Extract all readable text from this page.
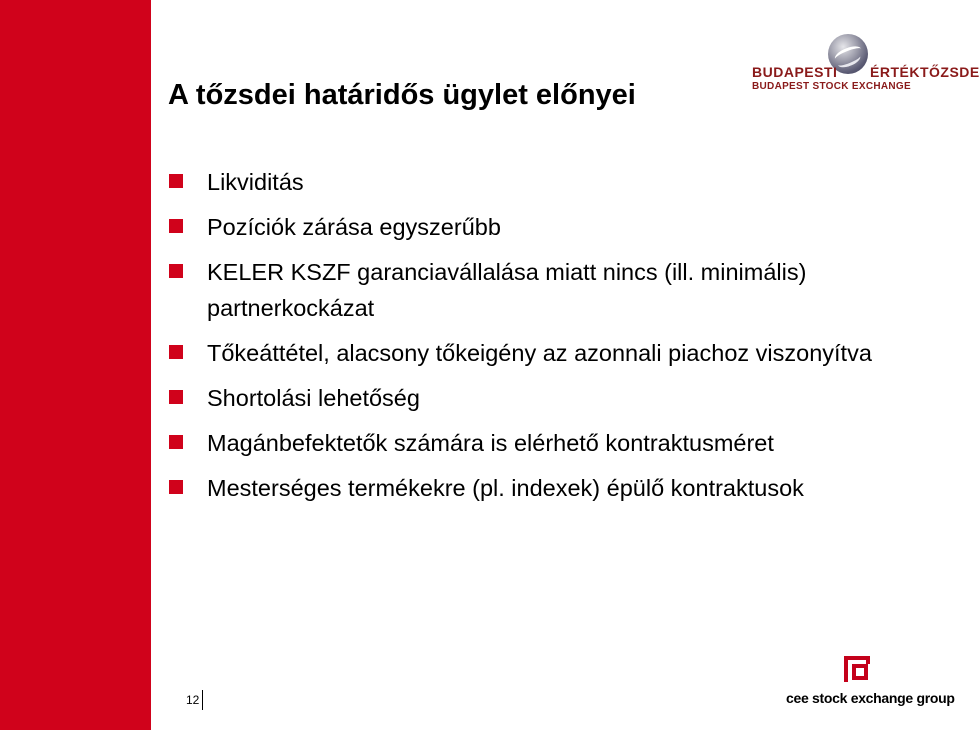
A tőzsdei határidős ügylet előnyei
BUDAPESTI ÉRTÉKTŐZSDE
BUDAPEST STOCK EXCHANGE
Likviditás
Pozíciók zárása egyszerűbb
KELER KSZF garanciavállalása miatt nincs (ill. minimális) partnerkockázat
Tőkeáttétel, alacsony tőkeigény az azonnali piachoz viszonyítva
Shortolási lehetőség
Magánbefektetők számára is elérhető kontraktusméret
Mesterséges termékekre (pl. indexek) épülő kontraktusok
12	cee stock exchange group
